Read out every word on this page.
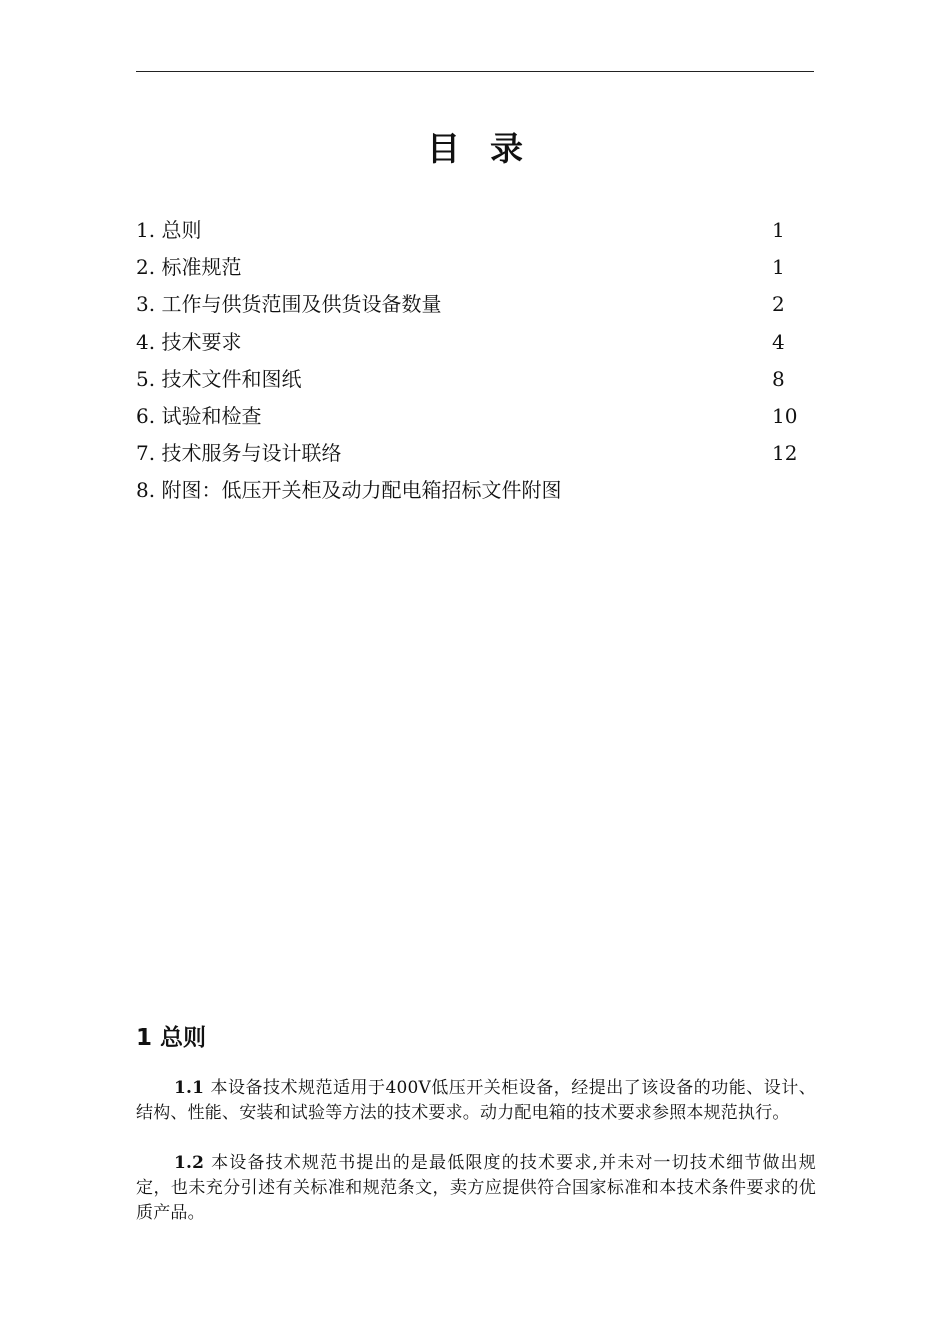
目录
1. 总则	1
2. 标准规范	1
3. 工作与供货范围及供货设备数量	2
4. 技术要求	4
5. 技术文件和图纸	8
6. 试验和检查	10
7. 技术服务与设计联络	12
8. 附图：低压开关柜及动力配电箱招标文件附图
1 总则

1.1 本设备技术规范适用于400V低压开关柜设备，经提出了该设备的功能、设计、结构、性能、安装和试验等方法的技术要求。动力配电箱的技术要求参照本规范执行。

1.2 本设备技术规范书提出的是最低限度的技术要求,并未对一切技术细节做出规定，也未充分引述有关标准和规范条文，卖方应提供符合国家标准和本技术条件要求的优质产品。
